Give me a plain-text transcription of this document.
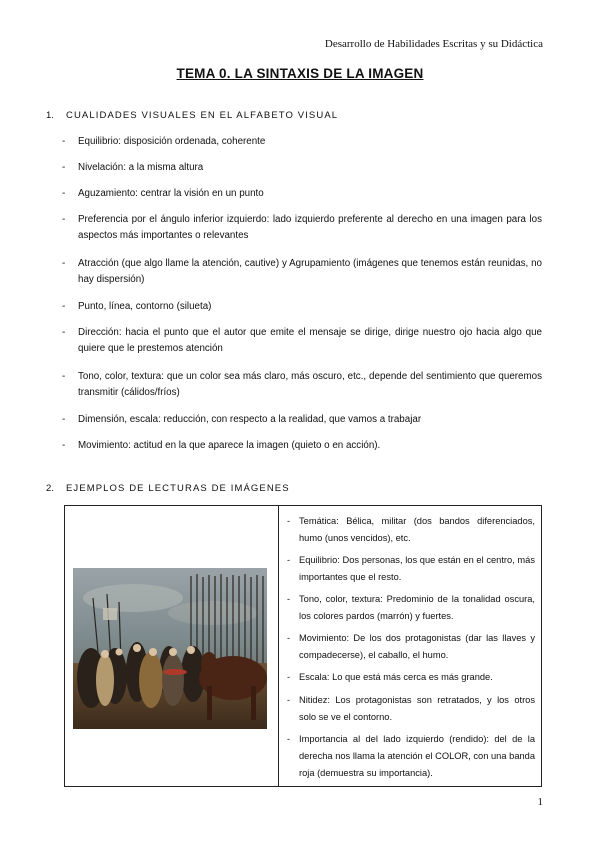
Desarrollo de Habilidades Escritas y su Didáctica
TEMA 0. LA SINTAXIS DE LA IMAGEN
1. CUALIDADES VISUALES EN EL ALFABETO VISUAL
- Equilibrio: disposición ordenada, coherente
- Nivelación: a la misma altura
- Aguzamiento: centrar la visión en un punto
- Preferencia por el ángulo inferior izquierdo: lado izquierdo preferente al derecho en una imagen para los aspectos más importantes o relevantes
- Atracción (que algo llame la atención, cautive) y Agrupamiento (imágenes que tenemos están reunidas, no hay dispersión)
- Punto, línea, contorno (silueta)
- Dirección: hacia el punto que el autor que emite el mensaje se dirige, dirige nuestro ojo hacia algo que quiere que le prestemos atención
- Tono, color, textura: que un color sea más claro, más oscuro, etc., depende del sentimiento que queremos transmitir (cálidos/fríos)
- Dimensión, escala: reducción, con respecto a la realidad, que vamos a trabajar
- Movimiento: actitud en la que aparece la imagen (quieto o en acción).
2. EJEMPLOS DE LECTURAS DE IMÁGENES
- Temática: Bélica, militar (dos bandos diferenciados, humo (unos vencidos), etc.
- Equilibrio: Dos personas, los que están en el centro, más importantes que el resto.
- Tono, color, textura: Predominio de la tonalidad oscura, los colores pardos (marrón) y fuertes.
- Movimiento: De los dos protagonistas (dar las llaves y compadecerse), el caballo, el humo.
- Escala: Lo que está más cerca es más grande.
- Nitidez: Los protagonistas son retratados, y los otros solo se ve el contorno.
- Importancia al del lado izquierdo (rendido): del de la derecha nos llama la atención el COLOR, con una banda roja (demuestra su importancia).
1
